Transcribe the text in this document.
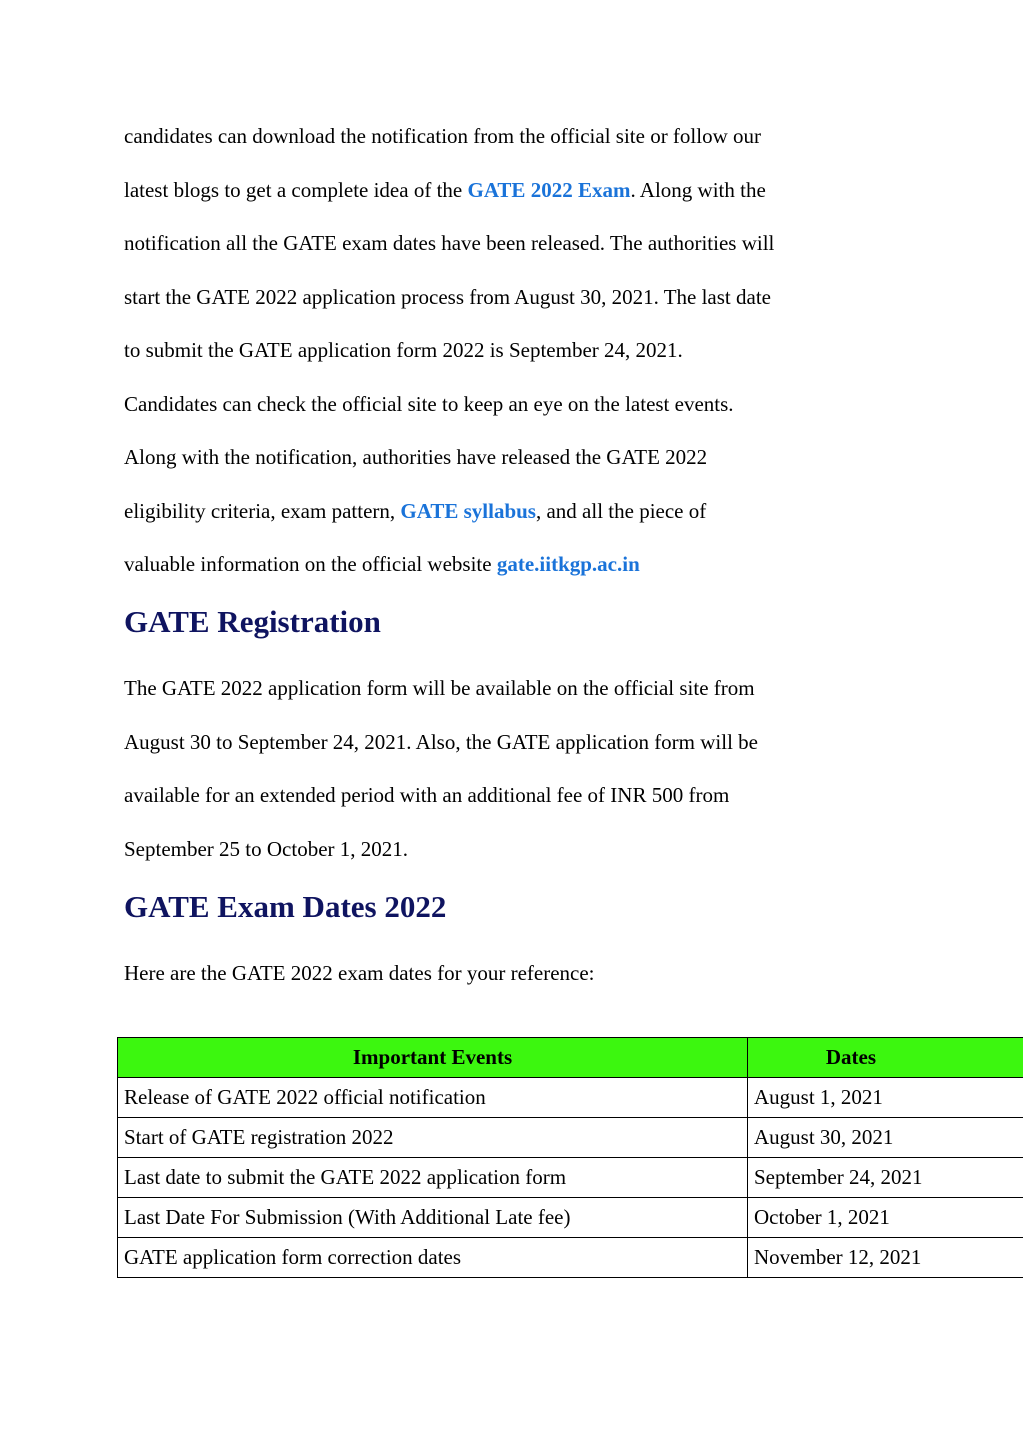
candidates can download the notification from the official site or follow our
latest blogs to get a complete idea of the GATE 2022 Exam. Along with the
notification all the GATE exam dates have been released. The authorities will
start the GATE 2022 application process from August 30, 2021. The last date
to submit the GATE application form 2022 is September 24, 2021.
Candidates can check the official site to keep an eye on the latest events.
Along with the notification, authorities have released the GATE 2022
eligibility criteria, exam pattern, GATE syllabus, and all the piece of
valuable information on the official website gate.iitkgp.ac.in

GATE Registration

The GATE 2022 application form will be available on the official site from
August 30 to September 24, 2021. Also, the GATE application form will be
available for an extended period with an additional fee of INR 500 from
September 25 to October 1, 2021.

GATE Exam Dates 2022

Here are the GATE 2022 exam dates for your reference:

Important Events	Dates
Release of GATE 2022 official notification	August 1, 2021
Start of GATE registration 2022	August 30, 2021
Last date to submit the GATE 2022 application form	September 24, 2021
Last Date For Submission (With Additional Late fee)	October 1, 2021
GATE application form correction dates	November 12, 2021
